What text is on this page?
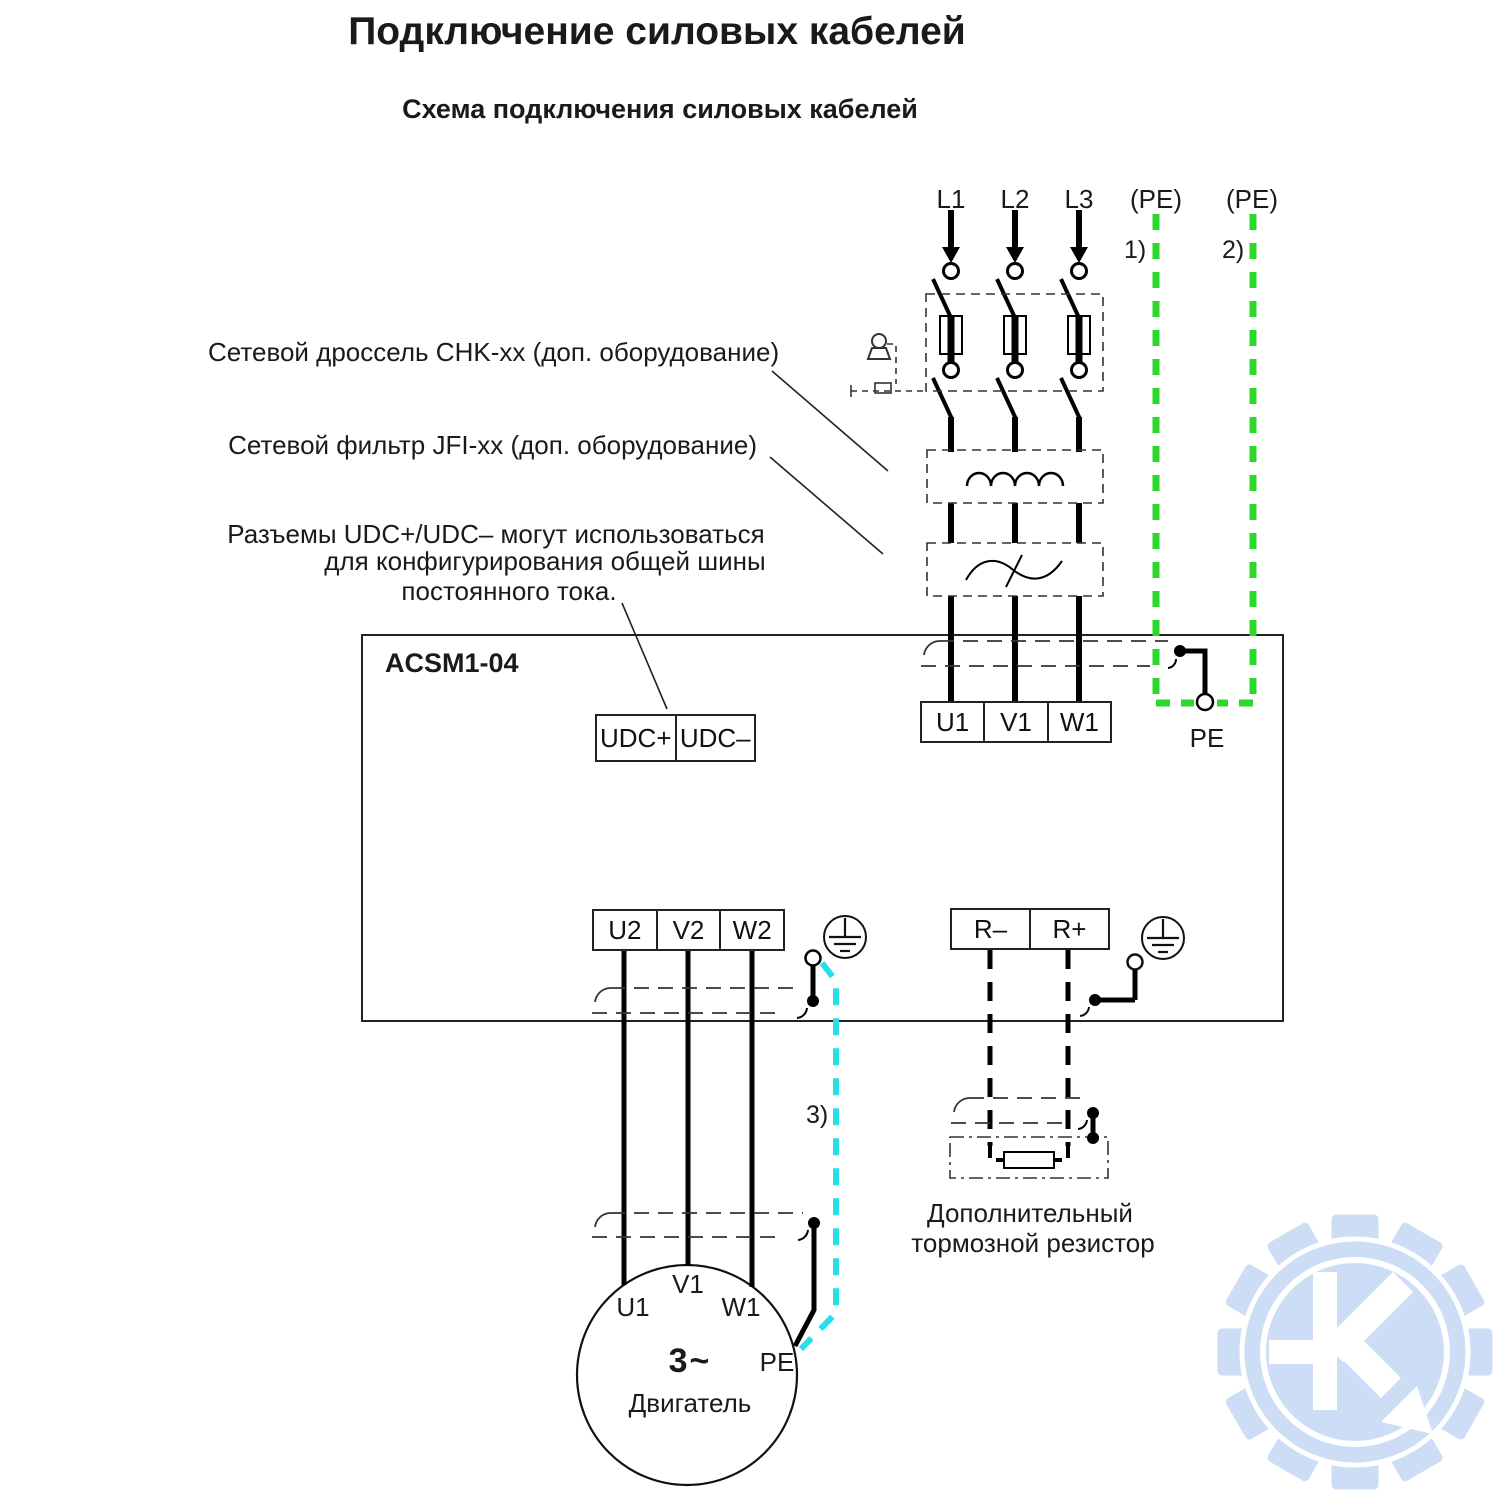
Подключение силовых кабелей
Схема подключения силовых кабелей
L1	L2	L3	(PE)	(PE)
1)	2)
3)
Сетевой дроссель CHK-xx (доп. оборудование)
Сетевой фильтр JFI-xx (доп. оборудование)
Разъемы UDC+/UDC– могут использоваться
для конфигурирования общей шины
постоянного тока.
ACSM1-04
UDC+ UDC–
U1	V1	W1
PE
U2	V2	W2	R–	R+
Дополнительный
тормозной резистор
V1
U1	W1
PE
3~
Двигатель
